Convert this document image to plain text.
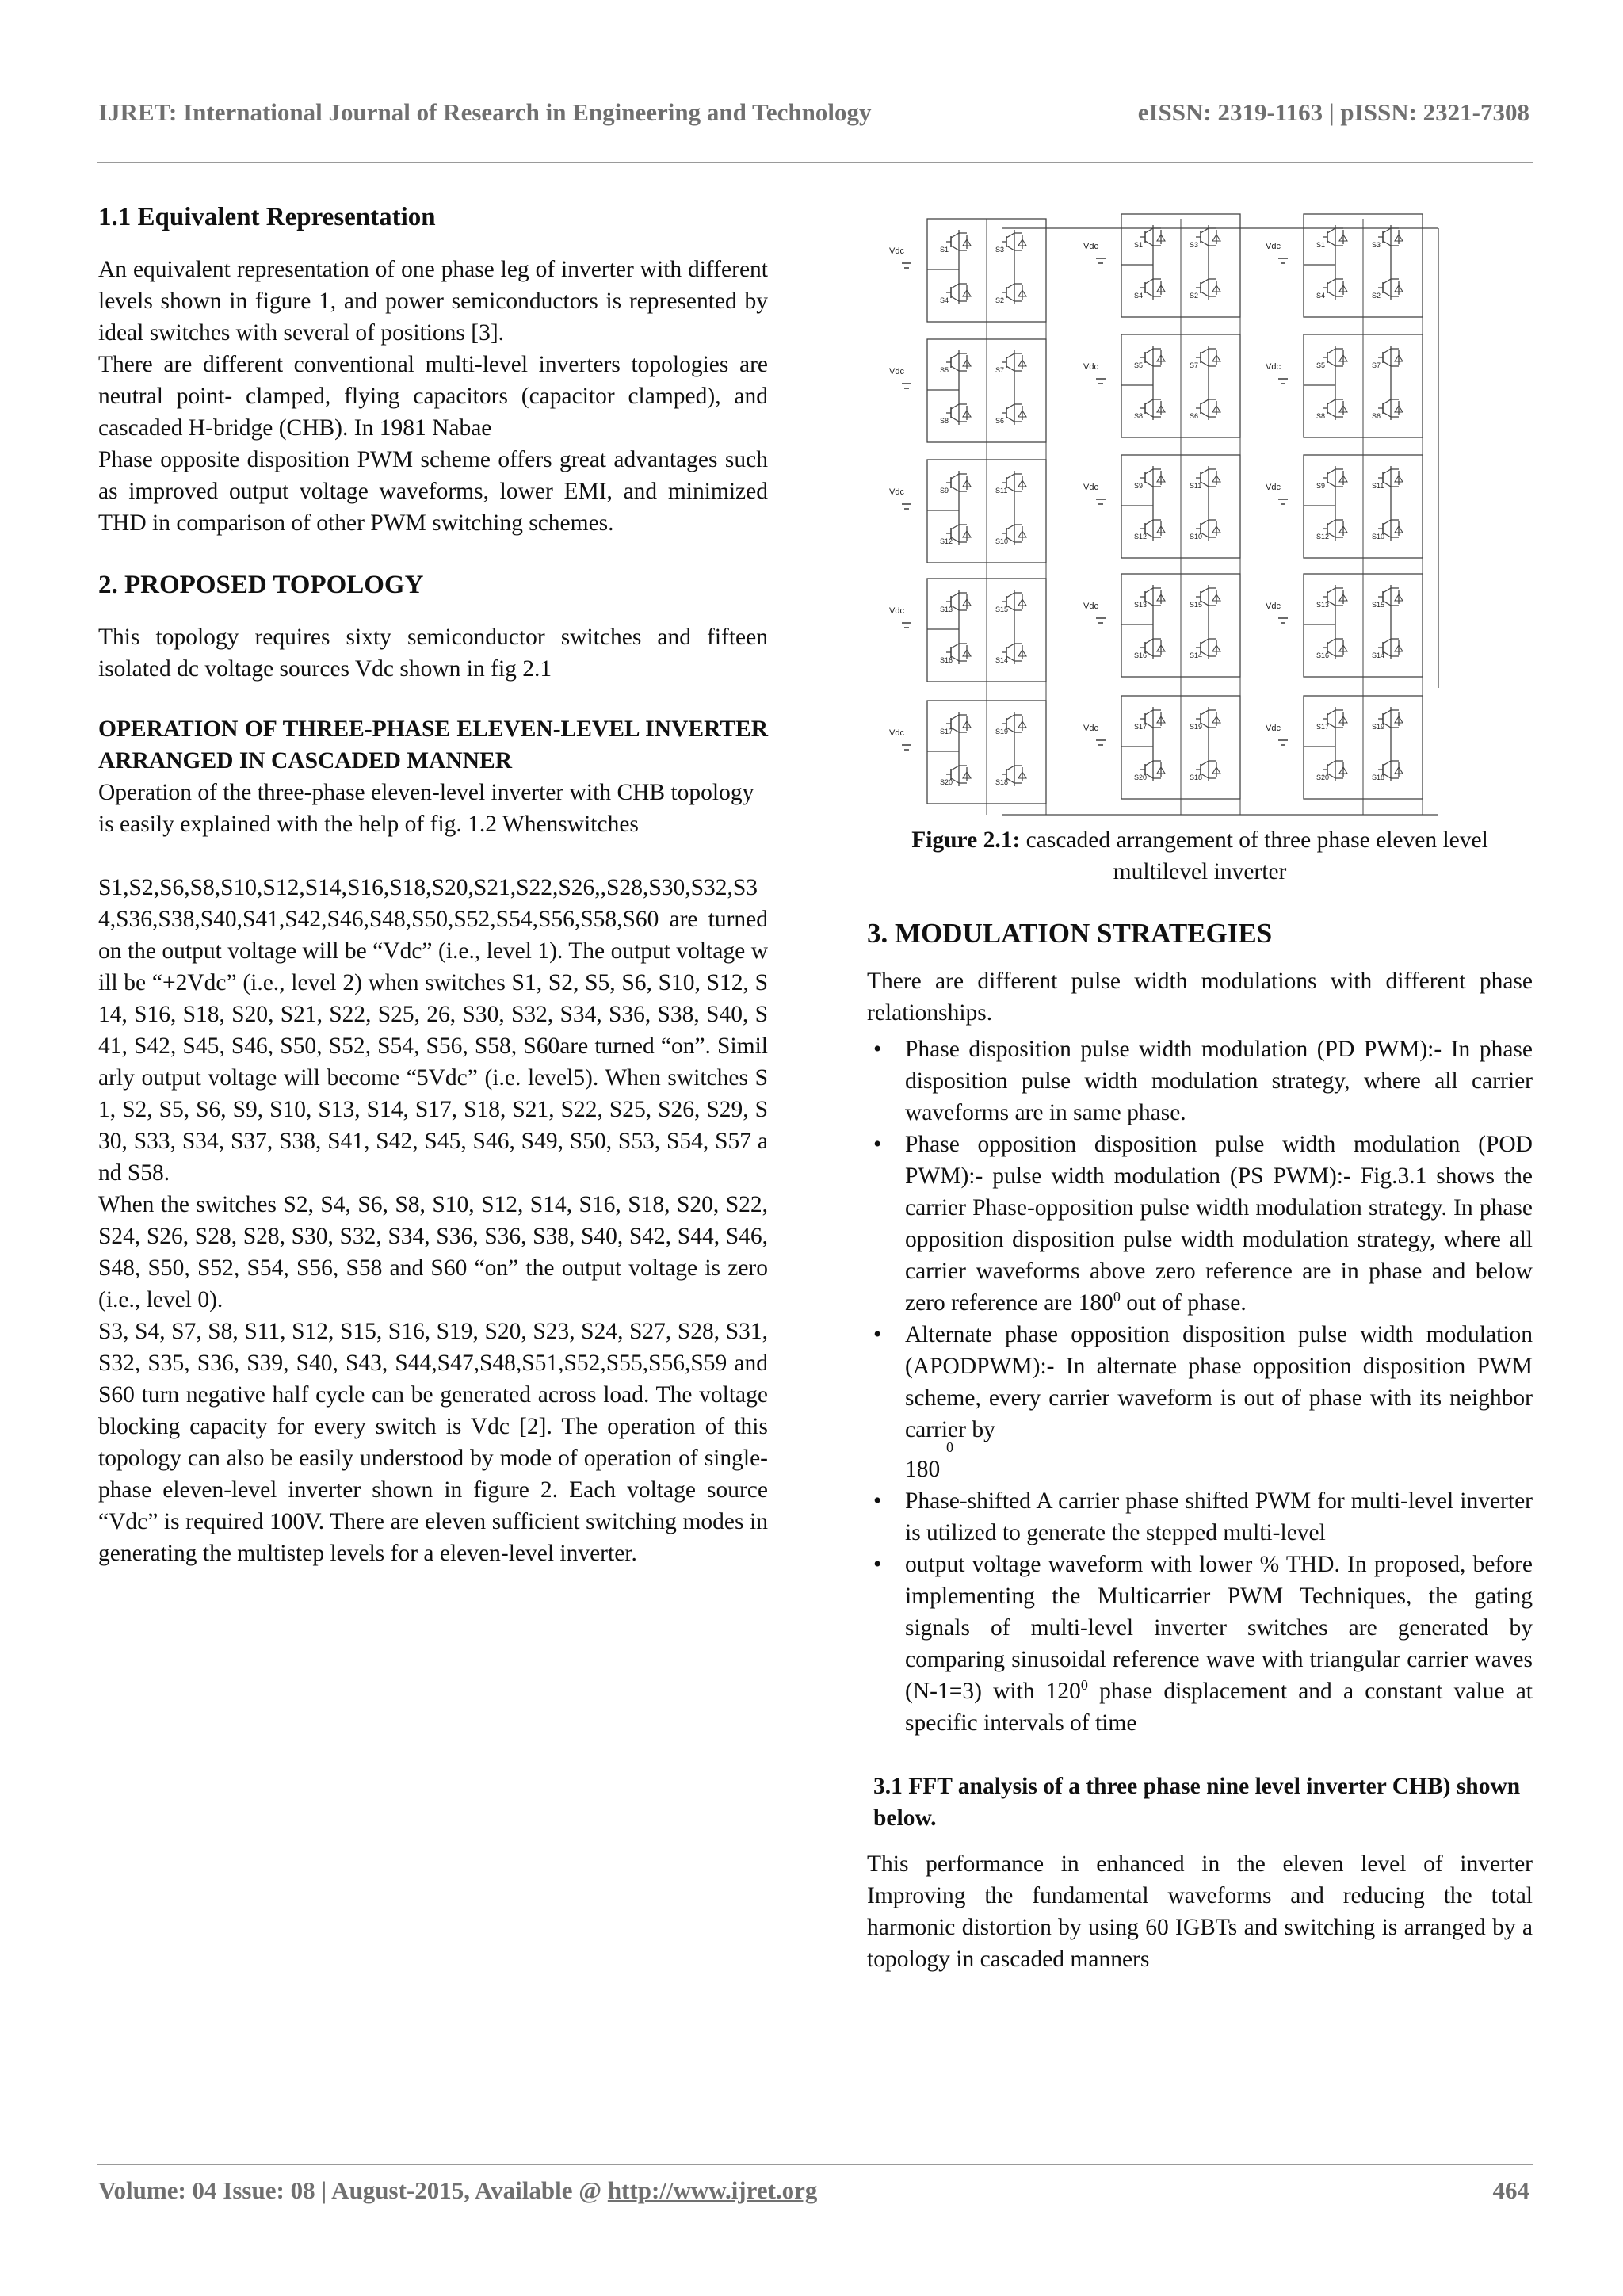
IJRET: International Journal of Research in Engineering and Technology	eISSN: 2319-1163 | pISSN: 2321-7308
1.1 Equivalent Representation

An equivalent representation of one phase leg of inverter with different levels shown in figure 1, and power semiconductors is represented by ideal switches with several of positions [3].

There are different conventional multi-level inverters topologies are neutral point- clamped, flying capacitors (capacitor clamped), and cascaded H-bridge (CHB). In 1981 Nabae

Phase opposite disposition PWM scheme offers great advantages such as improved output voltage waveforms, lower EMI, and minimized THD in comparison of other PWM switching schemes.

2. PROPOSED TOPOLOGY

This topology requires sixty semiconductor switches and fifteen isolated dc voltage sources Vdc shown in fig 2.1

OPERATION OF THREE-PHASE ELEVEN-LEVEL INVERTER ARRANGED IN CASCADED MANNER

Operation of the three-phase eleven-level inverter with CHB topology is easily explained with the help of fig. 1.2 Whenswitches

S1,S2,S6,S8,S10,S12,S14,S16,S18,S20,S21,S22,S26,,S28,S30,S32,S34,S36,S38,S40,S41,S42,S46,S48,S50,S52,S54,S56,S58,S60 are turned on the output voltage will be “Vdc” (i.e., level 1). The output voltage will be “+2Vdc” (i.e., level 2) when switches S1, S2, S5, S6, S10, S12, S14, S16, S18, S20, S21, S22, S25, 26, S30, S32, S34, S36, S38, S40, S41, S42, S45, S46, S50, S52, S54, S56, S58, S60are turned “on”. Similarly output voltage will become “5Vdc” (i.e. level5). When switches S1, S2, S5, S6, S9, S10, S13, S14, S17, S18, S21, S22, S25, S26, S29, S30, S33, S34, S37, S38, S41, S42, S45, S46, S49, S50, S53, S54, S57 and S58.

When the switches S2, S4, S6, S8, S10, S12, S14, S16, S18, S20, S22, S24, S26, S28, S28, S30, S32, S34, S36, S36, S38, S40, S42, S44, S46, S48, S50, S52, S54, S56, S58 and S60 “on” the output voltage is zero (i.e., level 0).

S3, S4, S7, S8, S11, S12, S15, S16, S19, S20, S23, S24, S27, S28, S31, S32, S35, S36, S39, S40, S43, S44,S47,S48,S51,S52,S55,S56,S59 and S60 turn negative half cycle can be generated across load. The voltage blocking capacity for every switch is Vdc [2]. The operation of this topology can also be easily understood by mode of operation of single-phase eleven-level inverter shown in figure 2. Each voltage source “Vdc” is required 100V. There are eleven sufficient switching modes in generating the multistep levels for a eleven-level inverter.

S1	S3
S4	S2
Vdc
S5	S7
S8	S6
Vdc
S9	S11
S12	S10
Vdc
S13	S15
S16	S14
Vdc
S17	S19
S20	S18
Vdc
S1	S3
S4	S2
Vdc
S5	S7
S8	S6
Vdc
S9	S11
S12	S10
Vdc
S13	S15
S16	S14
Vdc
S17	S19
S20	S18
Vdc
S1	S3
S4	S2
Vdc
S5	S7
S8	S6
Vdc
S9	S11
S12	S10
Vdc
S13	S15
S16	S14
Vdc
S17	S19
S20	S18
Vdc
Figure 2.1: cascaded arrangement of three phase eleven level multilevel inverter
3. MODULATION STRATEGIES

There are different pulse width modulations with different phase relationships.

• Phase disposition pulse width modulation (PD PWM):- In phase disposition pulse width modulation strategy, where all carrier waveforms are in same phase.
• Phase opposition disposition pulse width modulation (POD PWM):- pulse width modulation (PS PWM):- Fig.3.1 shows the carrier Phase-opposition pulse width modulation strategy. In phase opposition disposition pulse width modulation strategy, where all carrier waveforms above zero reference are in phase and below zero reference are $180^0$ out of phase.
• Alternate phase opposition disposition pulse width modulation (APODPWM):- In alternate phase opposition disposition PWM scheme, every carrier waveform is out of phase with its neighbor carrier by
0
180
• Phase-shifted A carrier phase shifted PWM for multi-level inverter is utilized to generate the stepped multi-level
• output voltage waveform with lower % THD. In proposed, before implementing the Multicarrier PWM Techniques, the gating signals of multi-level inverter switches are generated by comparing sinusoidal reference wave with triangular carrier waves (N-1=3) with $120^0$ phase displacement and a constant value at specific intervals of time
3.1 FFT analysis of a three phase nine level inverter CHB) shown below.

This performance in enhanced in the eleven level of inverter Improving the fundamental waveforms and reducing the total harmonic distortion by using 60 IGBTs and switching is arranged by a topology in cascaded manners

Volume: 04 Issue: 08 | August-2015, Available @ http://www.ijret.org	464
